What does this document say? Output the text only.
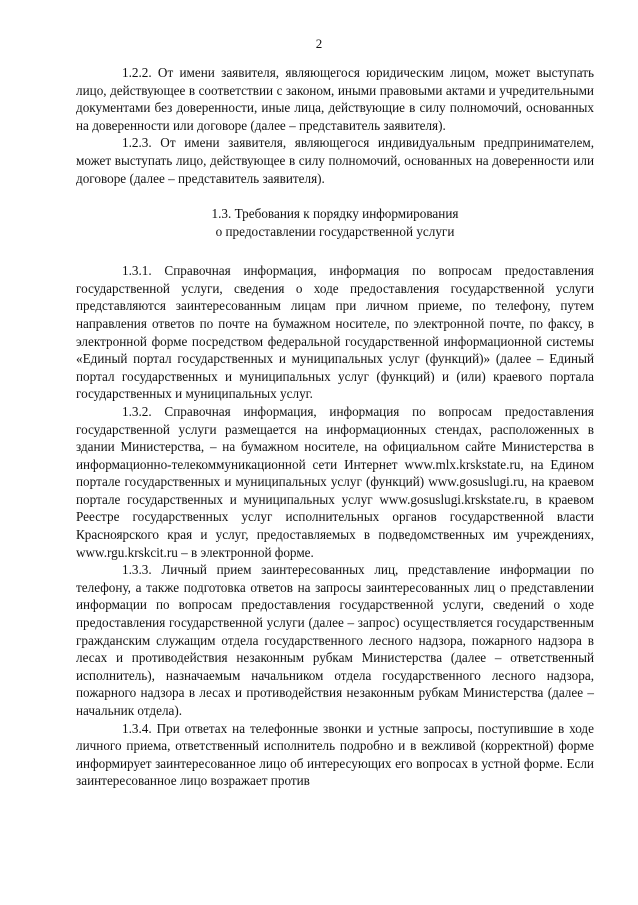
2

1.2.2. От имени заявителя, являющегося юридическим лицом, может выступать лицо, действующее в соответствии с законом, иными правовыми актами и учредительными документами без доверенности, иные лица, действующие в силу полномочий, основанных на доверенности или договоре (далее – представитель заявителя).

1.2.3. От имени заявителя, являющегося индивидуальным предпринимателем, может выступать лицо, действующее в силу полномочий, основанных на доверенности или договоре (далее – представитель заявителя).

1.3. Требования к порядку информирования
о предоставлении государственной услуги

1.3.1. Справочная информация, информация по вопросам предоставления государственной услуги, сведения о ходе предоставления государственной услуги представляются заинтересованным лицам при личном приеме, по телефону, путем направления ответов по почте на бумажном носителе, по электронной почте, по факсу, в электронной форме посредством федеральной государственной информационной системы «Единый портал государственных и муниципальных услуг (функций)» (далее – Единый портал государственных и муниципальных услуг (функций) и (или) краевого портала государственных и муниципальных услуг.

1.3.2. Справочная информация, информация по вопросам предоставления государственной услуги размещается на информационных стендах, расположенных в здании Министерства, – на бумажном носителе, на официальном сайте Министерства в информационно-телекоммуникационной сети Интернет www.mlx.krskstate.ru, на Едином портале государственных и муниципальных услуг (функций) www.gosuslugi.ru, на краевом портале государственных и муниципальных услуг www.gosuslugi.krskstate.ru, в краевом Реестре государственных услуг исполнительных органов государственной власти Красноярского края и услуг, предоставляемых в подведомственных им учреждениях, www.rgu.krskcit.ru – в электронной форме.

1.3.3. Личный прием заинтересованных лиц, представление информации по телефону, а также подготовка ответов на запросы заинтересованных лиц о представлении информации по вопросам предоставления государственной услуги, сведений о ходе предоставления государственной услуги (далее – запрос) осуществляется государственным гражданским служащим отдела государственного лесного надзора, пожарного надзора в лесах и противодействия незаконным рубкам Министерства (далее – ответственный исполнитель), назначаемым начальником отдела государственного лесного надзора, пожарного надзора в лесах и противодействия незаконным рубкам Министерства (далее – начальник отдела).

1.3.4. При ответах на телефонные звонки и устные запросы, поступившие в ходе личного приема, ответственный исполнитель подробно и в вежливой (корректной) форме информирует заинтересованное лицо об интересующих его вопросах в устной форме. Если заинтересованное лицо возражает против
